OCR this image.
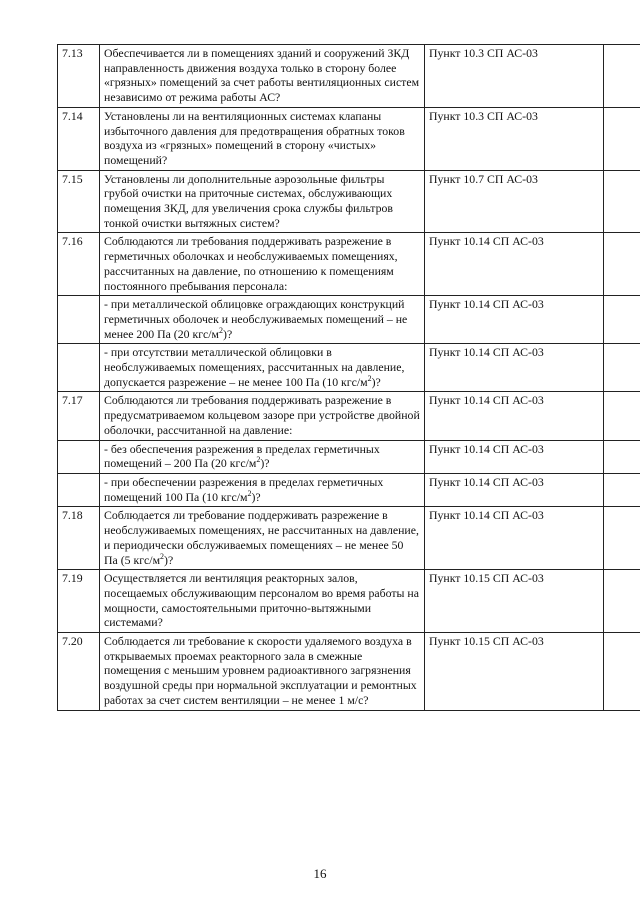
7.13	Обеспечивается ли в помещениях зданий и сооружений ЗКД направленность движения воздуха только в сторону более «грязных» помещений за счет работы вентиляционных систем независимо от режима работы АС?	Пункт 10.3 СП АС-03		
7.14	Установлены ли на вентиляционных системах клапаны избыточного давления для предотвращения обратных токов воздуха из «грязных» помещений в сторону «чистых» помещений?	Пункт 10.3 СП АС-03		
7.15	Установлены ли дополнительные аэрозольные фильтры грубой очистки на приточные системах, обслуживающих помещения ЗКД, для увеличения срока службы фильтров тонкой очистки вытяжных систем?	Пункт 10.7 СП АС-03		
7.16	Соблюдаются ли требования поддерживать разрежение в герметичных оболочках и необслуживаемых помещениях, рассчитанных на давление, по отношению к помещениям постоянного пребывания персонала:	Пункт 10.14 СП АС-03		
	- при металлической облицовке ограждающих конструкций герметичных оболочек и необслуживаемых помещений – не менее 200 Па (20 кгс/$м^2$)?	Пункт 10.14 СП АС-03		
	- при отсутствии металлической облицовки в необслуживаемых помещениях, рассчитанных на давление, допускается разрежение – не менее 100 Па (10 кгс/$м^2$)?	Пункт 10.14 СП АС-03		
7.17	Соблюдаются ли требования поддерживать разрежение в предусматриваемом кольцевом зазоре при устройстве двойной оболочки, рассчитанной на давление:	Пункт 10.14 СП АС-03		
	- без обеспечения разрежения в пределах герметичных помещений – 200 Па (20 кгс/$м^2$)?	Пункт 10.14 СП АС-03		
	- при обеспечении разрежения в пределах герметичных помещений 100 Па (10 кгс/$м^2$)?	Пункт 10.14 СП АС-03		
7.18	Соблюдается ли требование поддерживать разрежение в необслуживаемых помещениях, не рассчитанных на давление, и периодически обслуживаемых помещениях – не менее 50 Па (5 кгс/$м^2$)?	Пункт 10.14 СП АС-03		
7.19	Осуществляется ли вентиляция реакторных залов, посещаемых обслуживающим персоналом во время работы на мощности, самостоятельными приточно-вытяжными системами?	Пункт 10.15 СП АС-03		
7.20	Соблюдается ли требование к скорости удаляемого воздуха в открываемых проемах реакторного зала в смежные помещения с меньшим уровнем радиоактивного загрязнения воздушной среды при нормальной эксплуатации и ремонтных работах за счет систем вентиляции – не менее 1 м/с?	Пункт 10.15 СП АС-03		
16
